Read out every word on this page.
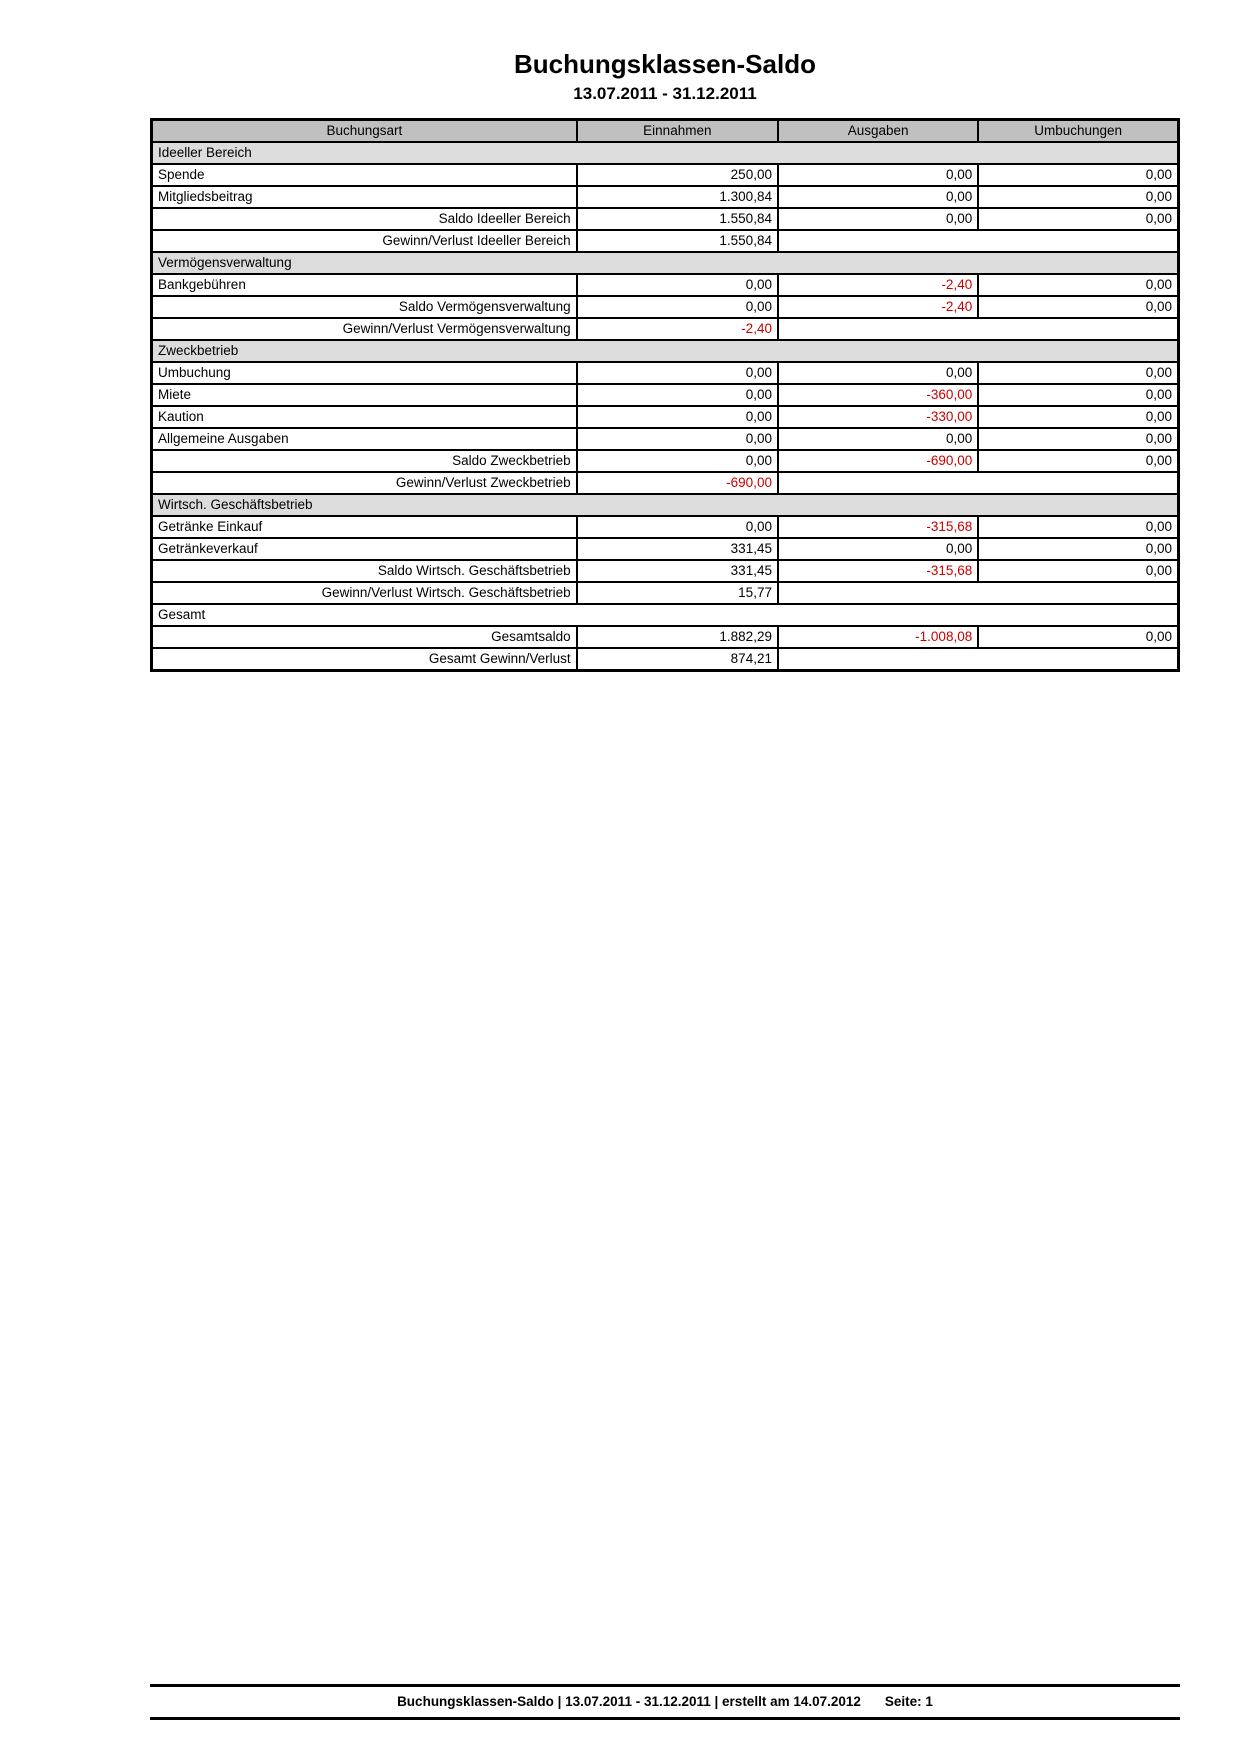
Buchungsklassen-Saldo
13.07.2011 - 31.12.2011
Buchungsart	Einnahmen	Ausgaben	Umbuchungen
Ideeller Bereich			
Spende	250,00	0,00	0,00
Mitgliedsbeitrag	1.300,84	0,00	0,00
Saldo Ideeller Bereich	1.550,84	0,00	0,00
Gewinn/Verlust Ideeller Bereich	1.550,84		
Vermögensverwaltung			
Bankgebühren	0,00	-2,40	0,00
Saldo Vermögensverwaltung	0,00	-2,40	0,00
Gewinn/Verlust Vermögensverwaltung	-2,40		
Zweckbetrieb			
Umbuchung	0,00	0,00	0,00
Miete	0,00	-360,00	0,00
Kaution	0,00	-330,00	0,00
Allgemeine Ausgaben	0,00	0,00	0,00
Saldo Zweckbetrieb	0,00	-690,00	0,00
Gewinn/Verlust Zweckbetrieb	-690,00		
Wirtsch. Geschäftsbetrieb			
Getränke Einkauf	0,00	-315,68	0,00
Getränkeverkauf	331,45	0,00	0,00
Saldo Wirtsch. Geschäftsbetrieb	331,45	-315,68	0,00
Gewinn/Verlust Wirtsch. Geschäftsbetrieb	15,77		
Gesamt			
Gesamtsaldo	1.882,29	-1.008,08	0,00
Gesamt Gewinn/Verlust	874,21		
Buchungsklassen-Saldo | 13.07.2011 - 31.12.2011 | erstellt am 14.07.2012 Seite: 1
